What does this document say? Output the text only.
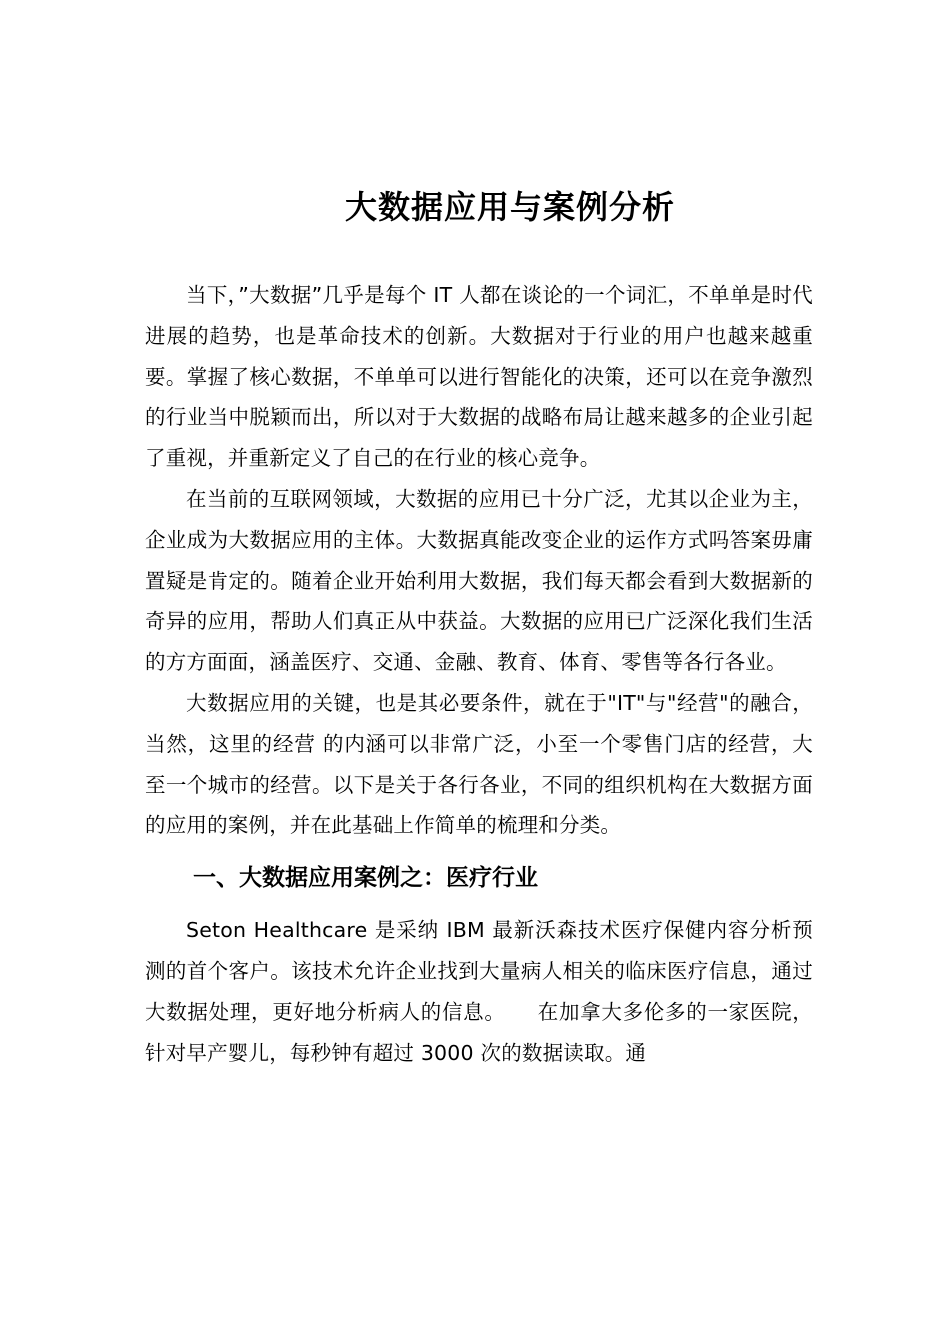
大数据应用与案例分析

当下，”大数据”几乎是每个 IT 人都在谈论的一个词汇，不单单是时代进展的趋势，也是革命技术的创新。大数据对于行业的用户也越来越重要。掌握了核心数据，不单单可以进行智能化的决策，还可以在竞争激烈的行业当中脱颖而出，所以对于大数据的战略布局让越来越多的企业引起了重视，并重新定义了自己的在行业的核心竞争。

在当前的互联网领域，大数据的应用已十分广泛，尤其以企业为主，企业成为大数据应用的主体。大数据真能改变企业的运作方式吗答案毋庸置疑是肯定的。随着企业开始利用大数据，我们每天都会看到大数据新的奇异的应用，帮助人们真正从中获益。大数据的应用已广泛深化我们生活的方方面面，涵盖医疗、交通、金融、教育、体育、零售等各行各业。

大数据应用的关键，也是其必要条件，就在于"IT"与"经营"的融合，当然，这里的经营 的内涵可以非常广泛，小至一个零售门店的经营，大至一个城市的经营。以下是关于各行各业，不同的组织机构在大数据方面的应用的案例，并在此基础上作简单的梳理和分类。

一、大数据应用案例之：医疗行业

Seton Healthcare 是采纳 IBM 最新沃森技术医疗保健内容分析预测的首个客户。该技术允许企业找到大量病人相关的临床医疗信息，通过大数据处理，更好地分析病人的信息。　　在加拿大多伦多的一家医院，针对早产婴儿，每秒钟有超过 3000 次的数据读取。通
